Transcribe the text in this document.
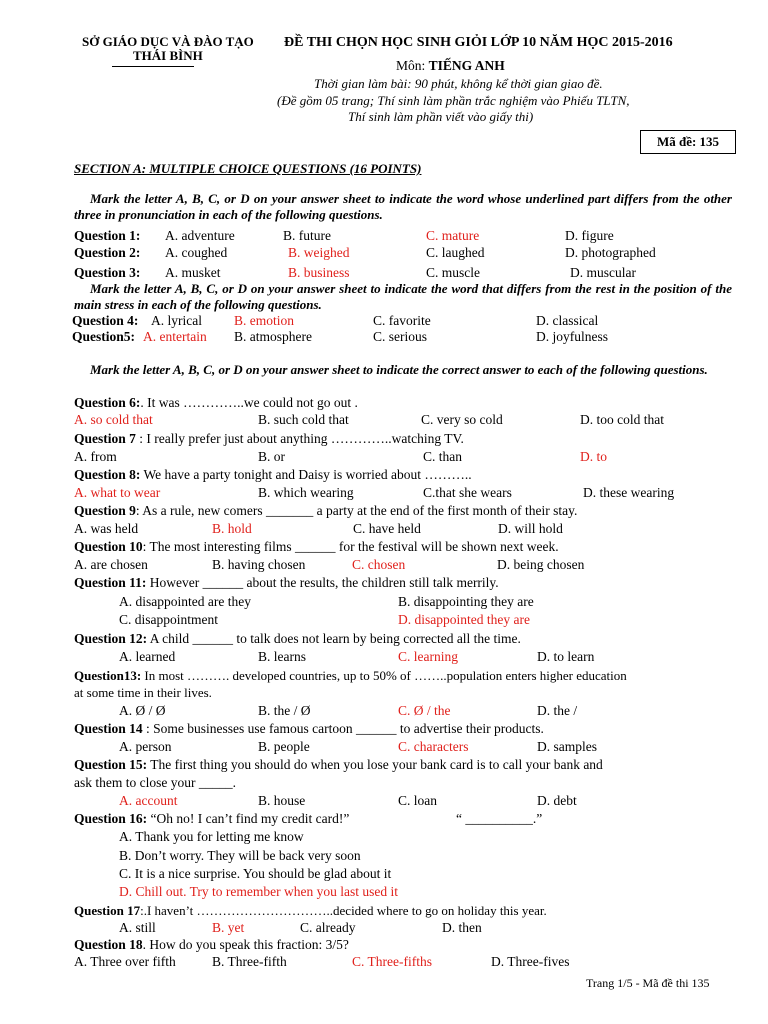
SỞ GIÁO DỤC VÀ ĐÀO TẠO
THÁI BÌNH
ĐỀ THI CHỌN HỌC SINH GIỎI LỚP 10 NĂM HỌC 2015-2016
Môn: TIẾNG ANH
Thời gian làm bài: 90 phút, không kể thời gian giao đề.
(Đề gồm 05 trang; Thí sinh làm phần trắc nghiệm vào Phiếu TLTN,
Thí sinh làm phần viết vào giấy thi)
Mã đề: 135
SECTION A: MULTIPLE CHOICE QUESTIONS (16 POINTS)
Mark the letter A, B, C, or D on your answer sheet to indicate the word whose underlined part differs from the other three in pronunciation in each of the following questions.
Question 1: A. adventure	B. future	C. mature	D. figure
Question 2: A. coughed	B. weighed	C. laughed	D. photographed
Question 3: A. musket	B. business	C. muscle	D. muscular
Mark the letter A, B, C, or D on your answer sheet to indicate the word that differs from the rest in the position of the main stress in each of the following questions.
Question 4: A. lyrical B. emotion	C. favorite	D. classical
Question5: A. entertain B. atmosphere	C. serious	D. joyfulness
Mark the letter A, B, C, or D on your answer sheet to indicate the correct answer to each of the following questions.
Question 6:. It was …………..we could not go out .
A. so cold that	B. such cold that	C. very so cold	D. too cold that
Question 7 : I really prefer just about anything …………..watching TV.
A. from	B. or	C. than	D. to
Question 8: We have a party tonight and Daisy is worried about ………..
A. what to wear	B. which wearing	C.that she wears	D. these wearing
Question 9: As a rule, new comers _______ a party at the end of the first month of their stay.
A. was held	B. hold	C. have held	D. will hold
Question 10: The most interesting films ______ for the festival will be shown next week.
A. are chosen	B. having chosen	C. chosen	D. being chosen
Question 11: However ______ about the results, the children still talk merrily.
A. disappointed are they	B. disappointing they are
C. disappointment	D. disappointed they are
Question 12: A child ______ to talk does not learn by being corrected all the time.
A. learned	B. learns	C. learning	D. to learn
Question13: In most ………. developed countries, up to 50% of ……..population enters higher education
at some time in their lives.
A. Ø / Ø	B. the / Ø	C. Ø / the	D. the /
Question 14 : Some businesses use famous cartoon ______ to advertise their products.
A. person	B. people	C. characters	D. samples
Question 15: The first thing you should do when you lose your bank card is to call your bank and
ask them to close your _____.
A. account	B. house	C. loan	D. debt
Question 16: “Oh no! I can’t find my credit card!”	“ __________.”
A. Thank you for letting me know
B. Don’t worry. They will be back very soon
C. It is a nice surprise. You should be glad about it
D. Chill out. Try to remember when you last used it
Question 17:.I haven’t …………………………..decided where to go on holiday this year.
A. still	B. yet	C. already	D. then
Question 18. How do you speak this fraction: 3/5?
A. Three over fifth	B. Three-fifth	C. Three-fifths	D. Three-fives
Trang 1/5 - Mã đề thi 135
